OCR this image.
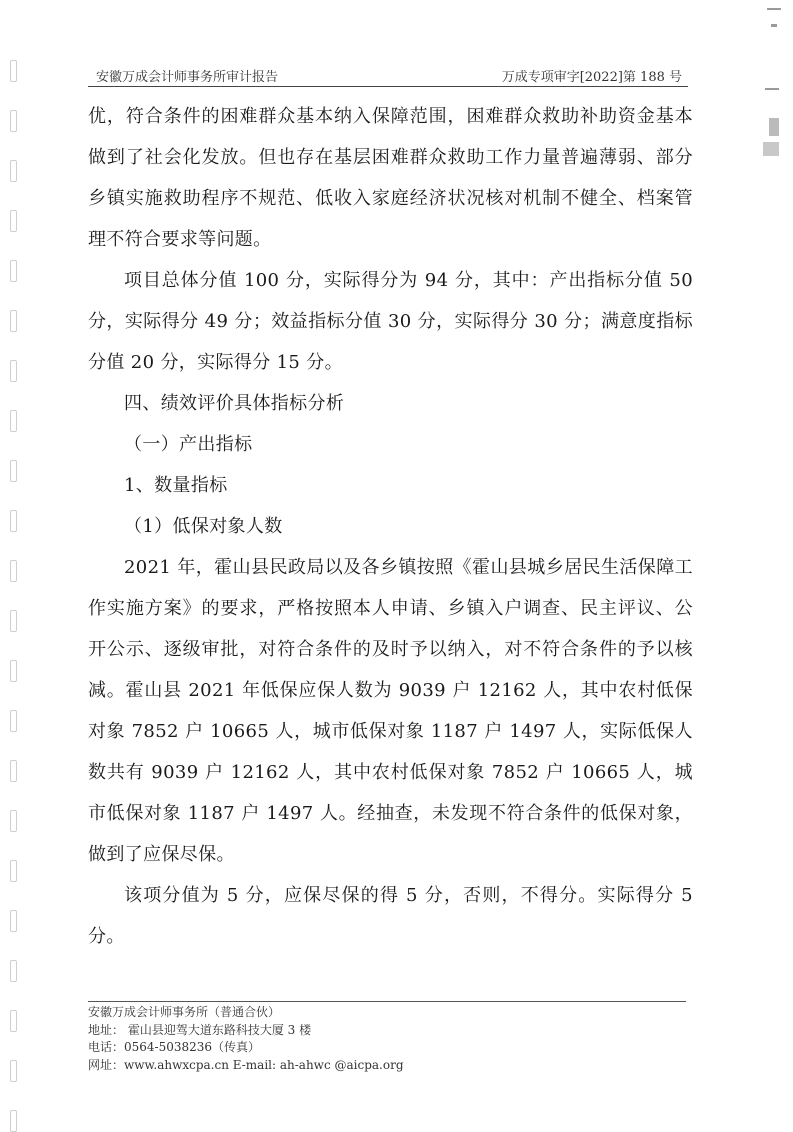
安徽万成会计师事务所审计报告	万成专项审字[2022]第 188 号

优，符合条件的困难群众基本纳入保障范围，困难群众救助补助资金基本做到了社会化发放。但也存在基层困难群众救助工作力量普遍薄弱、部分乡镇实施救助程序不规范、低收入家庭经济状况核对机制不健全、档案管理不符合要求等问题。

项目总体分值 100 分，实际得分为 94 分，其中：产出指标分值 50 分，实际得分 49 分；效益指标分值 30 分，实际得分 30 分；满意度指标分值 20 分，实际得分 15 分。

四、绩效评价具体指标分析

（一）产出指标

1、数量指标

（1）低保对象人数

2021 年，霍山县民政局以及各乡镇按照《霍山县城乡居民生活保障工作实施方案》的要求，严格按照本人申请、乡镇入户调查、民主评议、公开公示、逐级审批，对符合条件的及时予以纳入，对不符合条件的予以核减。霍山县 2021 年低保应保人数为 9039 户 12162 人，其中农村低保对象 7852 户 10665 人，城市低保对象 1187 户 1497 人，实际低保人数共有 9039 户 12162 人，其中农村低保对象 7852 户 10665 人，城市低保对象 1187 户 1497 人。经抽查，未发现不符合条件的低保对象，做到了应保尽保。

该项分值为 5 分，应保尽保的得 5 分，否则，不得分。实际得分 5 分。

安徽万成会计师事务所（普通合伙）
地址： 霍山县迎驾大道东路科技大厦 3 楼
电话：0564-5038236（传真）
网址：www.ahwxcpa.cn E-mail: ah-ahwc @aicpa.org
